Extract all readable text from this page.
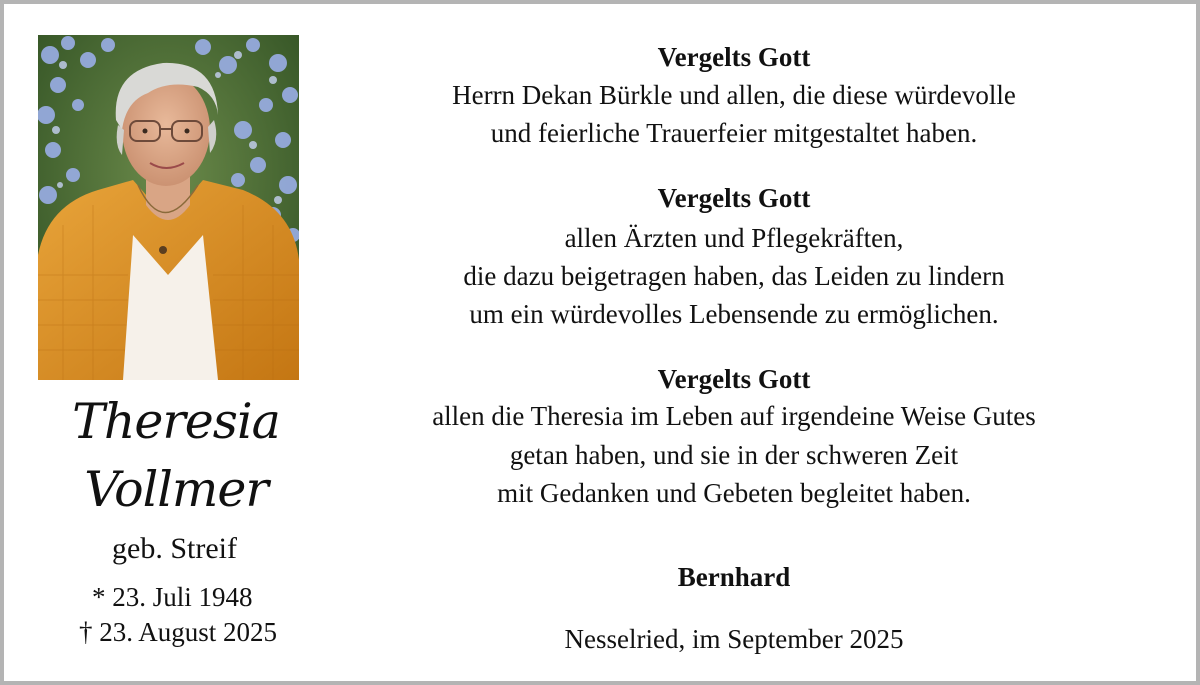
Theresia
Vollmer
geb. Streif
* 23. Juli 1948
† 23. August 2025
Vergelts Gott
Herrn Dekan Bürkle und allen, die diese würdevolle
und feierliche Trauerfeier mitgestaltet haben.
Vergelts Gott
allen Ärzten und Pflegekräften,
die dazu beigetragen haben, das Leiden zu lindern
um ein würdevolles Lebensende zu ermöglichen.
Vergelts Gott
allen die Theresia im Leben auf irgendeine Weise Gutes
getan haben, und sie in der schweren Zeit
mit Gedanken und Gebeten begleitet haben.
Bernhard
Nesselried, im September 2025
